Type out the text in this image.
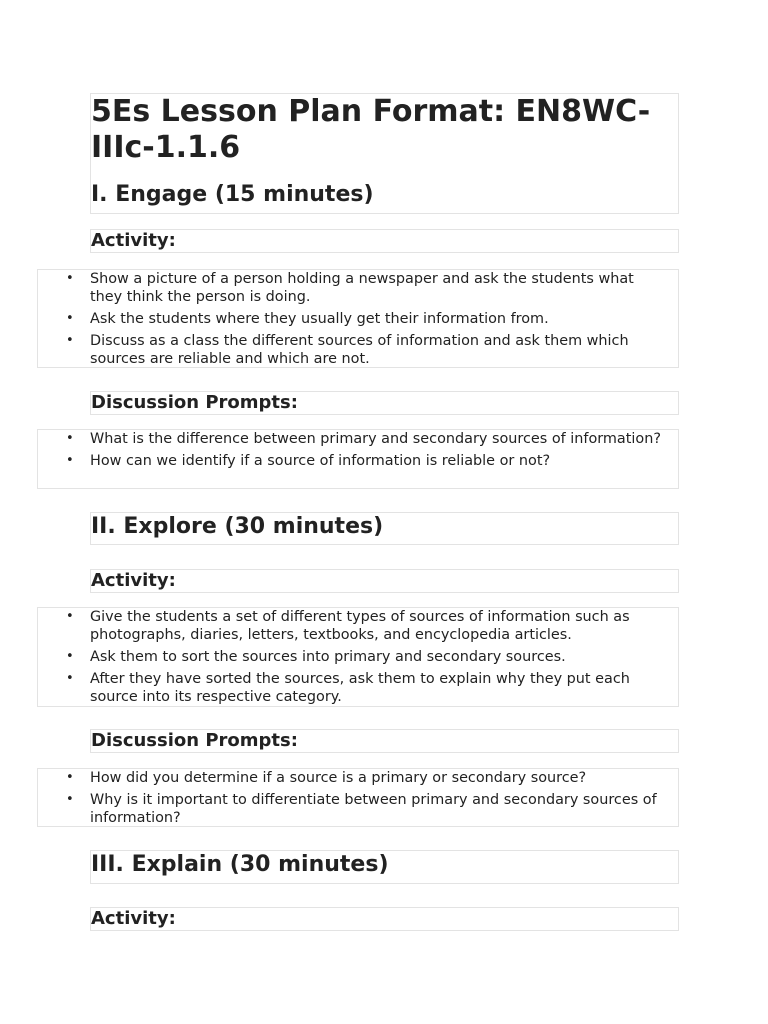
5Es Lesson Plan Format: EN8WC-IIIc-1.1.6
I. Engage (15 minutes)
Activity:
• Show a picture of a person holding a newspaper and ask the students what they think the person is doing.
• Ask the students where they usually get their information from.
• Discuss as a class the different sources of information and ask them which sources are reliable and which are not.
Discussion Prompts:
• What is the difference between primary and secondary sources of information?
• How can we identify if a source of information is reliable or not?
II. Explore (30 minutes)
Activity:
• Give the students a set of different types of sources of information such as photographs, diaries, letters, textbooks, and encyclopedia articles.
• Ask them to sort the sources into primary and secondary sources.
• After they have sorted the sources, ask them to explain why they put each source into its respective category.
Discussion Prompts:
• How did you determine if a source is a primary or secondary source?
• Why is it important to differentiate between primary and secondary sources of information?
III. Explain (30 minutes)
Activity:
